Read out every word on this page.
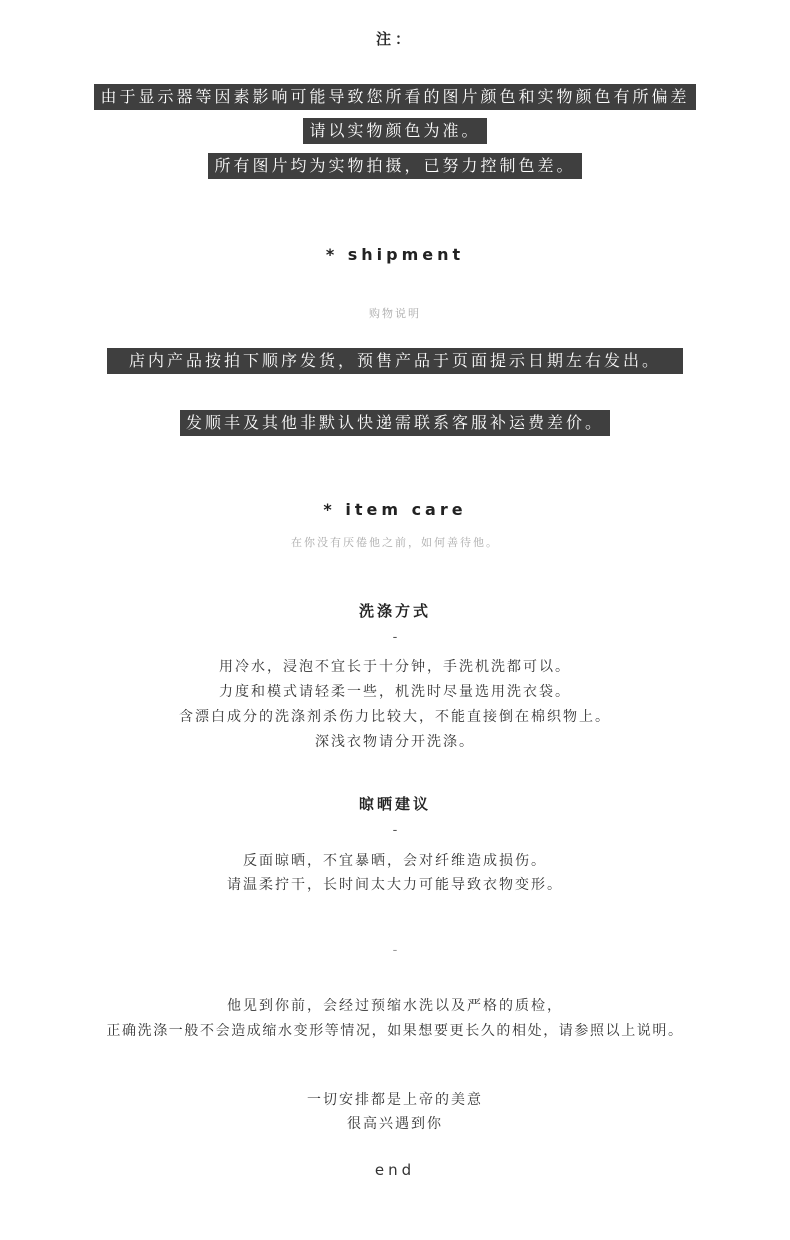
注：
由于显示器等因素影响可能导致您所看的图片颜色和实物颜色有所偏差
请以实物颜色为准。
所有图片均为实物拍摄，已努力控制色差。
* shipment
购物说明
店内产品按拍下顺序发货，预售产品于页面提示日期左右发出。
发顺丰及其他非默认快递需联系客服补运费差价。
* item care
在你没有厌倦他之前，如何善待他。
洗涤方式
-
用冷水，浸泡不宜长于十分钟，手洗机洗都可以。
力度和模式请轻柔一些，机洗时尽量选用洗衣袋。
含漂白成分的洗涤剂杀伤力比较大，不能直接倒在棉织物上。
深浅衣物请分开洗涤。
晾晒建议
-
反面晾晒，不宜暴晒，会对纤维造成损伤。
请温柔拧干，长时间太大力可能导致衣物变形。
-
他见到你前，会经过预缩水洗以及严格的质检，
正确洗涤一般不会造成缩水变形等情况，如果想要更长久的相处，请参照以上说明。
一切安排都是上帝的美意
很高兴遇到你
end
